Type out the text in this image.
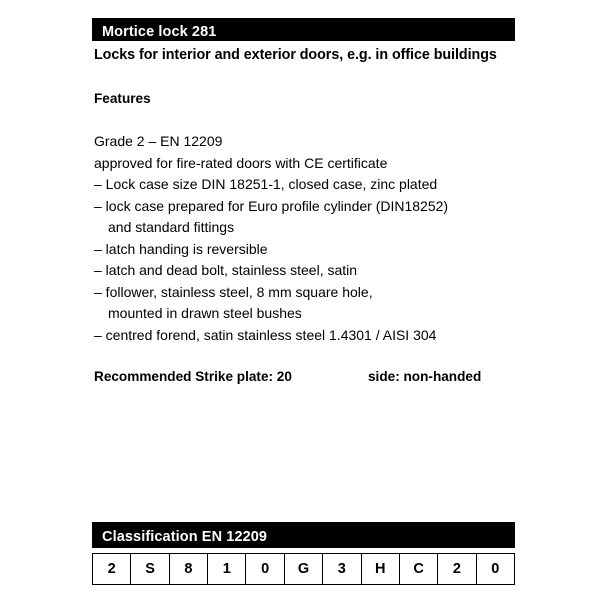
Mortice lock 281
Locks for interior and exterior doors, e.g. in office buildings
Features
Grade 2 – EN 12209
approved for fire-rated doors with CE certificate
– Lock case size DIN 18251-1, closed case, zinc plated
– lock case prepared for Euro profile cylinder (DIN18252)
and standard fittings
– latch handing is reversible
– latch and dead bolt, stainless steel, satin
– follower, stainless steel, 8 mm square hole,
mounted in drawn steel bushes
– centred forend, satin stainless steel 1.4301 / AISI 304
Recommended Strike plate: 20	side: non-handed
Classification EN 12209
2	S	8	1	0	G	3	H	C	2	0
